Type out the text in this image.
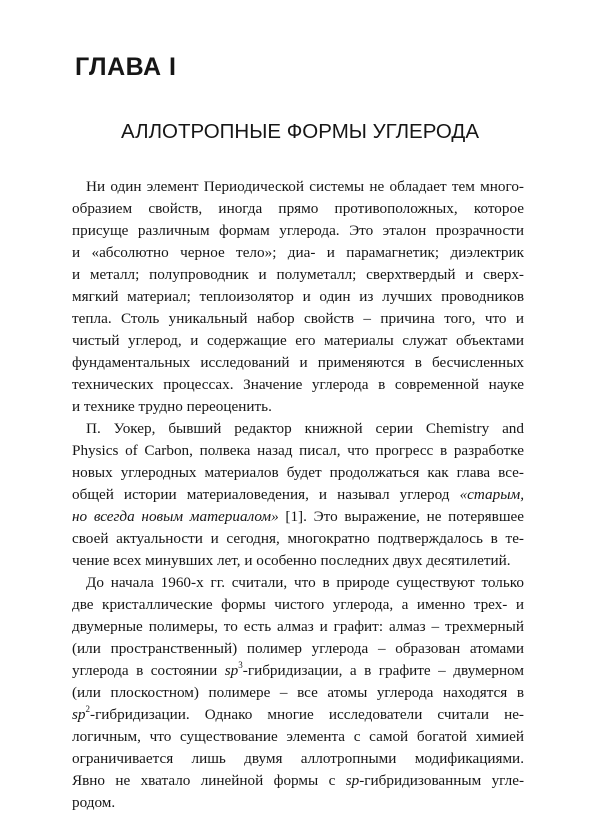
ГЛАВА I
АЛЛОТРОПНЫЕ ФОРМЫ УГЛЕРОДА
Ни один элемент Периодической системы не обладает тем много-
образием свойств, иногда прямо противоположных, которое
присуще различным формам углерода. Это эталон прозрачности
и «абсолютно черное тело»; диа- и парамагнетик; диэлектрик
и металл; полупроводник и полуметалл; сверхтвердый и сверх-
мягкий материал; теплоизолятор и один из лучших проводников
тепла. Столь уникальный набор свойств – причина того, что и
чистый углерод, и содержащие его материалы служат объектами
фундаментальных исследований и применяются в бесчисленных
технических процессах. Значение углерода в современной науке
и технике трудно переоценить.
П. Уокер, бывший редактор книжной серии Chemistry and
Physics of Carbon, полвека назад писал, что прогресс в разработке
новых углеродных материалов будет продолжаться как глава все-
общей истории материаловедения, и называл углерод «старым,
но всегда новым материалом» [1]. Это выражение, не потерявшее
своей актуальности и сегодня, многократно подтверждалось в те-
чение всех минувших лет, и особенно последних двух десятилетий.
До начала 1960-х гг. считали, что в природе существуют только
две кристаллические формы чистого углерода, а именно трех- и
двумерные полимеры, то есть алмаз и графит: алмаз – трехмерный
(или пространственный) полимер углерода – образован атомами
углерода в состоянии $sp^3$-гибридизации, а в графите – двумерном
(или плоскостном) полимере – все атомы углерода находятся в
$sp^2$-гибридизации. Однако многие исследователи считали не-
логичным, что существование элемента с самой богатой химией
ограничивается лишь двумя аллотропными модификациями.
Явно не хватало линейной формы с sp-гибридизованным угле-
родом.
